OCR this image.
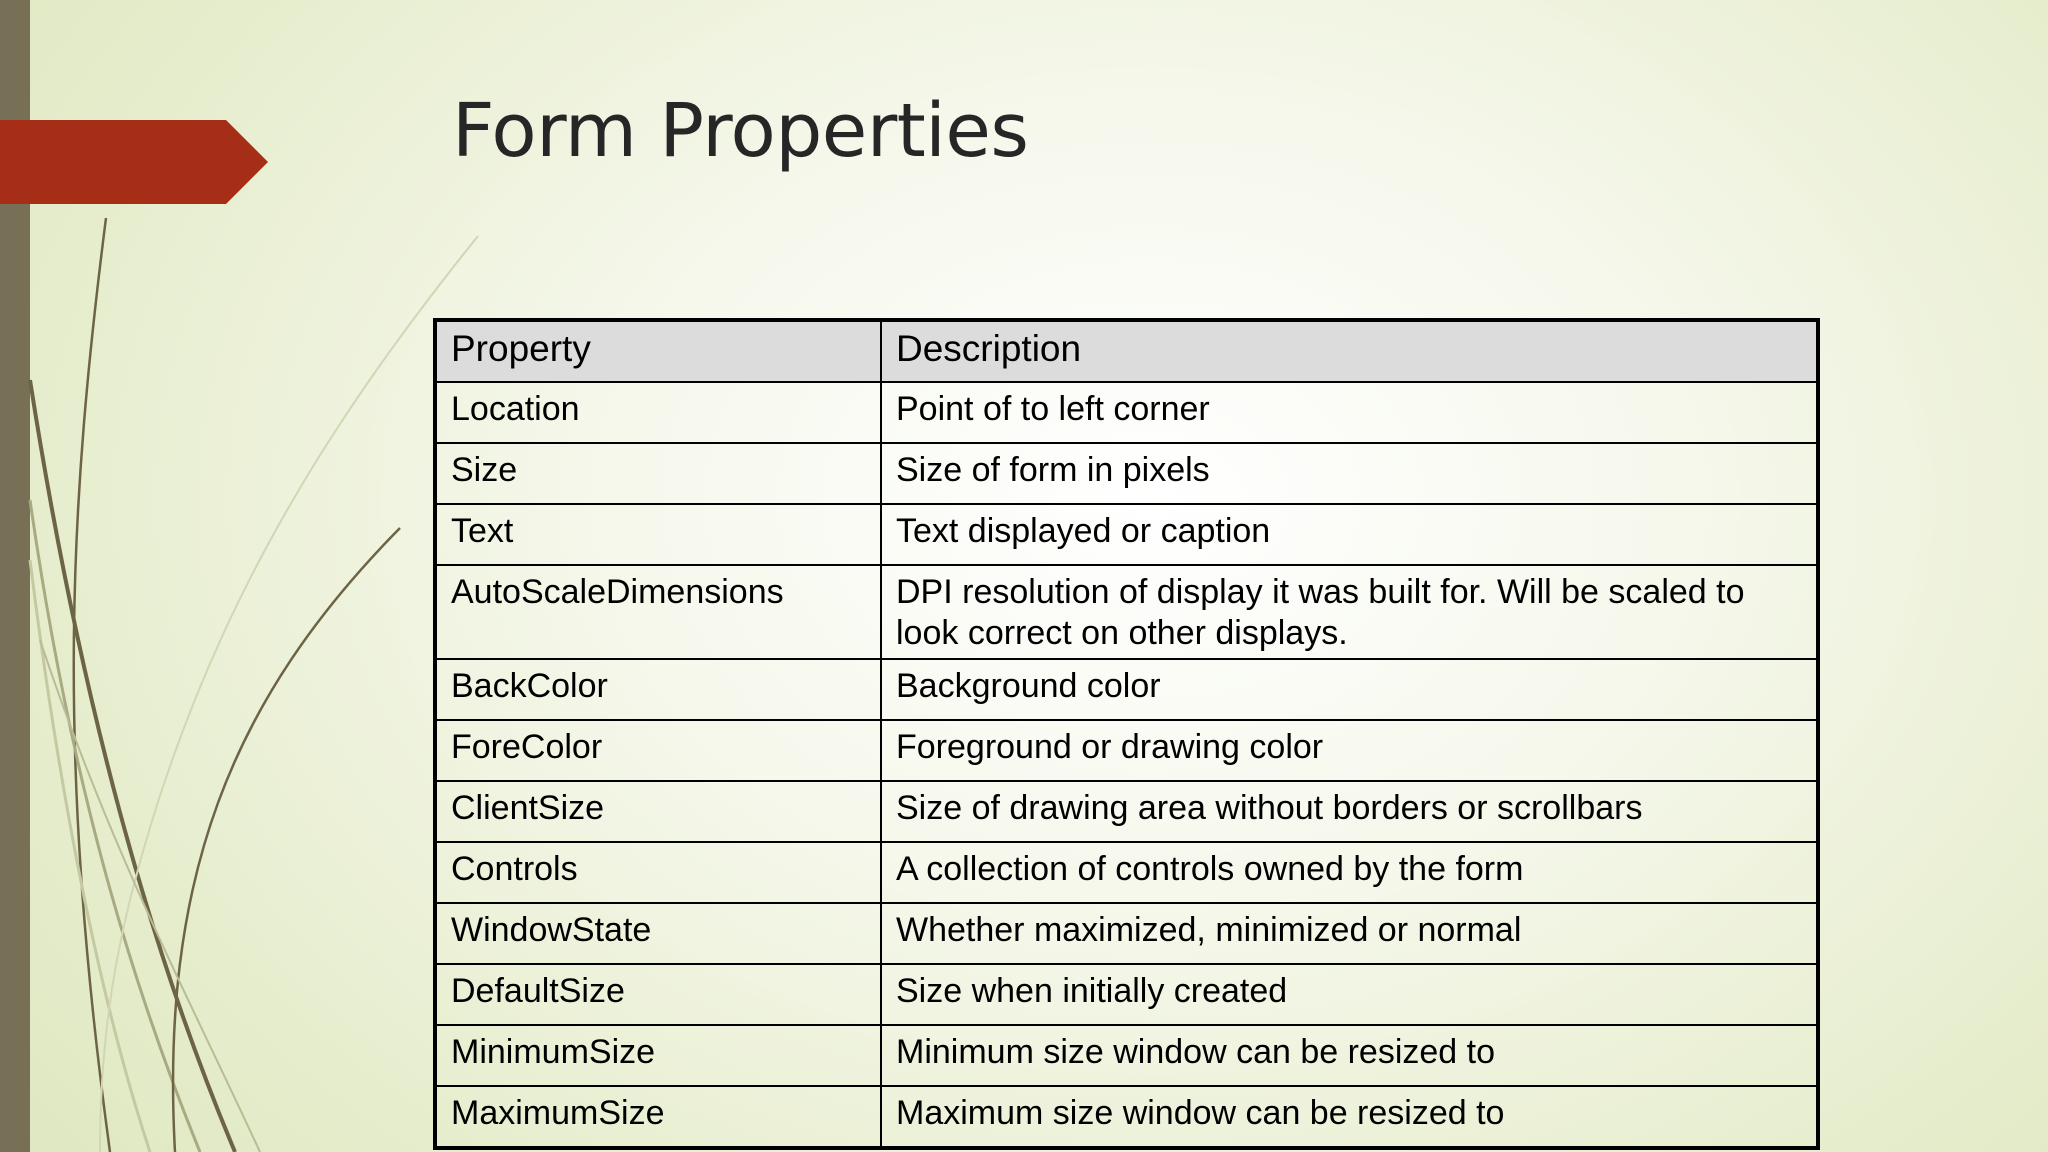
Form Properties
Property	Description
Location	Point of to left corner
Size	Size of form in pixels
Text	Text displayed or caption
AutoScaleDimensions	DPI resolution of display it was built for. Will be scaled to look correct on other displays.
BackColor	Background color
ForeColor	Foreground or drawing color
ClientSize	Size of drawing area without borders or scrollbars
Controls	A collection of controls owned by the form
WindowState	Whether maximized, minimized or normal
DefaultSize	Size when initially created
MinimumSize	Minimum size window can be resized to
MaximumSize	Maximum size window can be resized to
